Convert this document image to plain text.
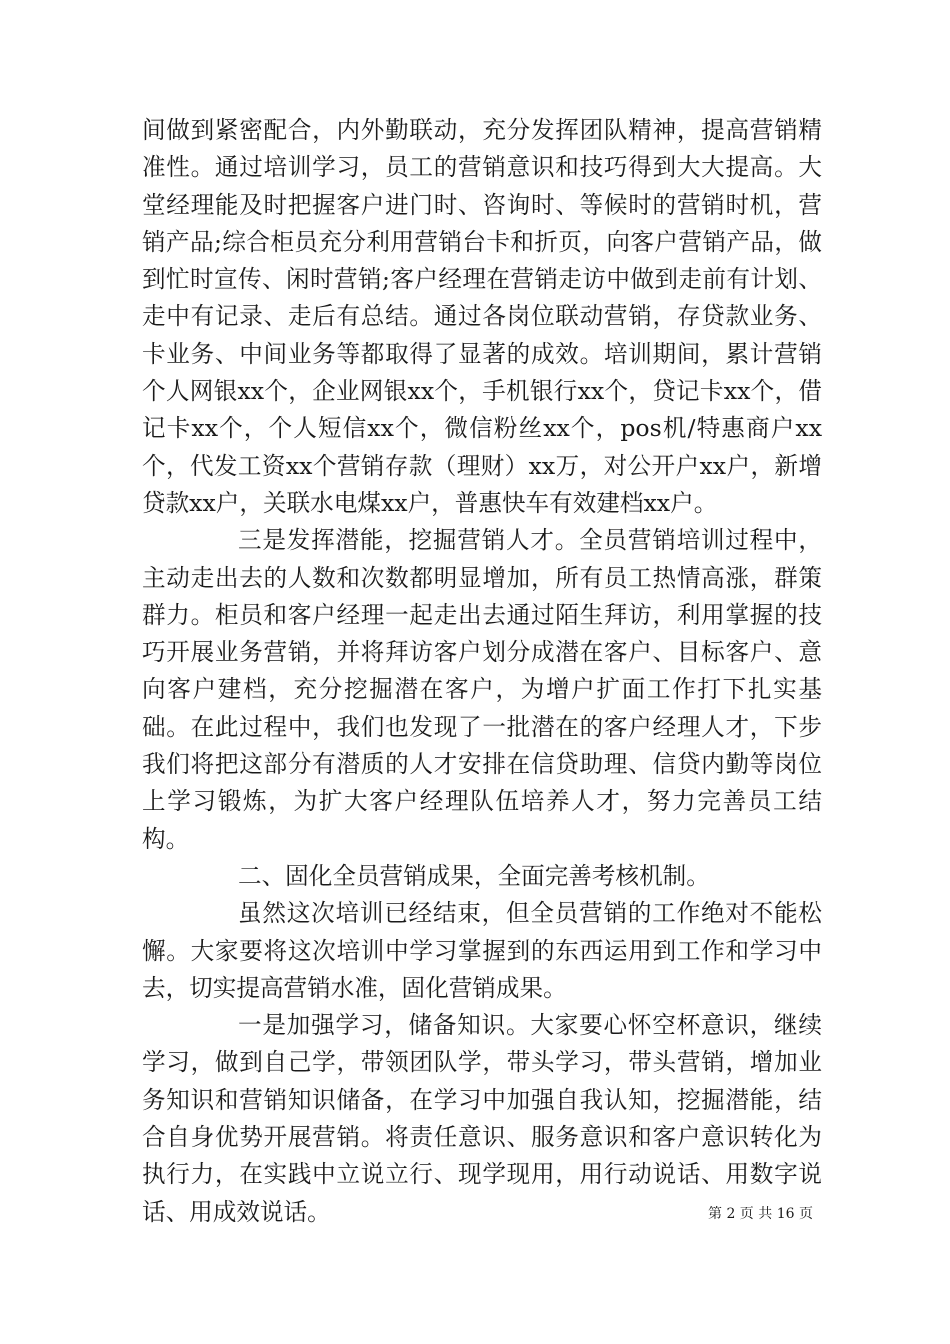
间做到紧密配合，内外勤联动，充分发挥团队精神，提高营销精准性。通过培训学习，员工的营销意识和技巧得到大大提高。大堂经理能及时把握客户进门时、咨询时、等候时的营销时机，营销产品;综合柜员充分利用营销台卡和折页，向客户营销产品，做到忙时宣传、闲时营销;客户经理在营销走访中做到走前有计划、走中有记录、走后有总结。通过各岗位联动营销，存贷款业务、卡业务、中间业务等都取得了显著的成效。培训期间，累计营销个人网银xx个，企业网银xx个，手机银行xx个，贷记卡xx个，借记卡xx个，个人短信xx个，微信粉丝xx个，pos机/特惠商户xx个，代发工资xx个营销存款（理财）xx万，对公开户xx户，新增贷款xx户，关联水电煤xx户，普惠快车有效建档xx户。

三是发挥潜能，挖掘营销人才。全员营销培训过程中，主动走出去的人数和次数都明显增加，所有员工热情高涨，群策群力。柜员和客户经理一起走出去通过陌生拜访，利用掌握的技巧开展业务营销，并将拜访客户划分成潜在客户、目标客户、意向客户建档，充分挖掘潜在客户，为增户扩面工作打下扎实基础。在此过程中，我们也发现了一批潜在的客户经理人才，下步我们将把这部分有潜质的人才安排在信贷助理、信贷内勤等岗位上学习锻炼，为扩大客户经理队伍培养人才，努力完善员工结构。

二、固化全员营销成果，全面完善考核机制。

虽然这次培训已经结束，但全员营销的工作绝对不能松懈。大家要将这次培训中学习掌握到的东西运用到工作和学习中去，切实提高营销水准，固化营销成果。

一是加强学习，储备知识。大家要心怀空杯意识，继续学习，做到自己学，带领团队学，带头学习，带头营销，增加业务知识和营销知识储备，在学习中加强自我认知，挖掘潜能，结合自身优势开展营销。将责任意识、服务意识和客户意识转化为执行力，在实践中立说立行、现学现用，用行动说话、用数字说话、用成效说话。	第 2 页 共 16 页
